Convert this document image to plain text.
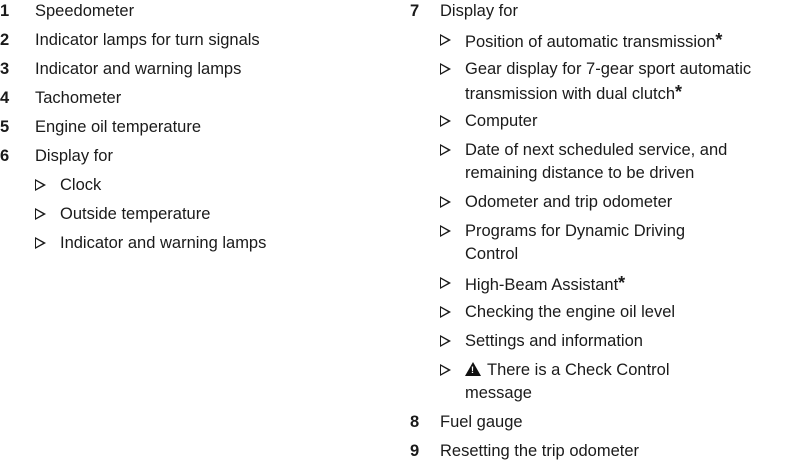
1 Speedometer
2 Indicator lamps for turn signals
3 Indicator and warning lamps
4 Tachometer
5 Engine oil temperature
6 Display for
Clock
Outside temperature
Indicator and warning lamps
7 Display for
Position of automatic transmission*
Gear display for 7-gear sport automatic
transmission with dual clutch*
Computer
Date of next scheduled service, and
remaining distance to be driven
Odometer and trip odometer
Programs for Dynamic Driving
Control
High-Beam Assistant*
Checking the engine oil level
Settings and information
!There is a Check Control
message
8 Fuel gauge
9 Resetting the trip odometer
